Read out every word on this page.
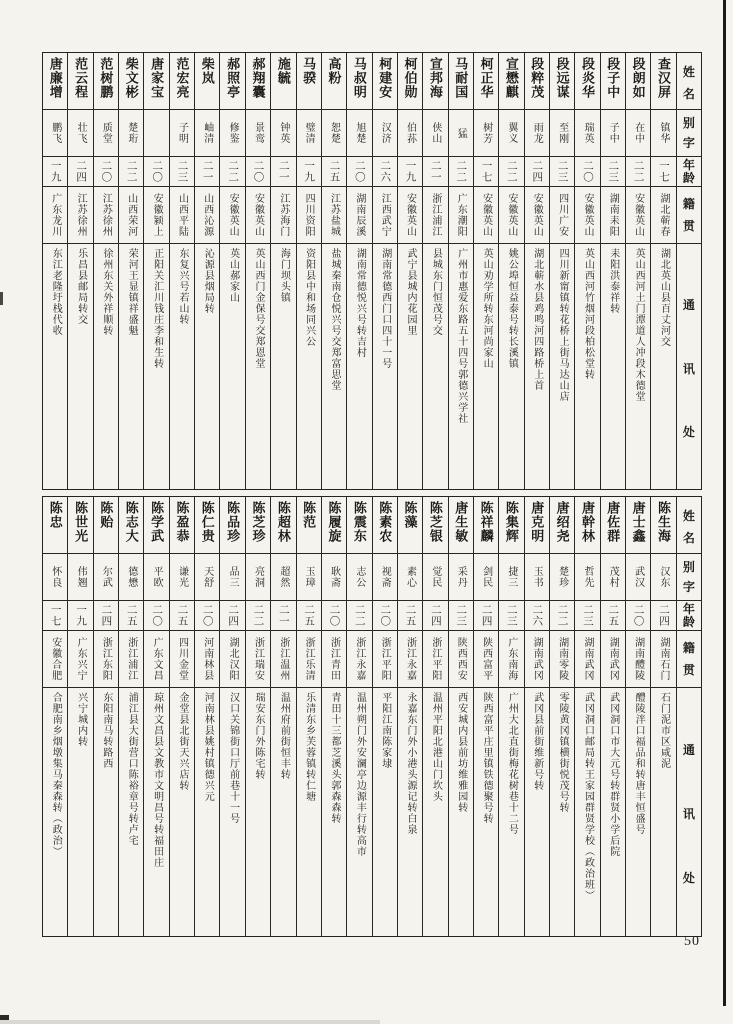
姓
名
别
字
年
龄
籍
贯
通
讯
处
查汉屏
镇华
一七
湖北蕲春
湖北英山县百丈河交
段朗如
在中
二二
安徽英山
英山西河土门潭道人冲段木德堂
段子中
子中
二三
湖南耒阳
耒阳洪泰祥转
段炎华
瑞英
二〇
安徽英山
英山西河竹烟河段柏松堂转
段远谋
至刚
二三
四川广安
四川新甯镇转花桥上街马达山店
段粹茂
雨龙
二四
安徽英山
湖北蕲水县鸡鸣河四路桥上首
宣懋麒
翼义
二二
安徽英山
姚公埠恒益泰号转长溪镇
柯正华
树芳
一七
安徽英山
英山劝学所转东河尚家山
马耐国
猛
二二
广东潮阳
广州市惠爱东路五十四号郭德兴学社
宣邦海
侠山
二一
浙江浦江
县城东门恒茂号交
柯伯勋
伯荪
一九
安徽英山
武宁县城内花园里
柯建安
汉济
二六
江西武宁
湖南常德西门口四十一号
马叔明
旭楚
二〇
湖南辰溪
湖南常德悦兴号转吉村
高粉
恕楚
二五
江苏盐城
盐城秦南仓悦兴号交郑富思堂
马骙
璧清
一九
四川资阳
资阳县中和场同兴公
施毓
钟英
二一
江苏海门
海门坝头镇
郝翔囊
景鸾
二〇
安徽英山
英山西门金保号交郑恩堂
郝照亭
修鉴
二二
安徽英山
英山郝家山
柴岚
岫清
二一
山西沁源
沁源县烟局转
范宏亮
子明
二三
山西平陆
东复兴号若山转
唐家宝
二〇
安徽颍上
正阳关汇川钱庄李和生转
柴文彬
楚珩
二二
山西荣河
荣河王显镇祥盛魁
范树鹏
质堂
二〇
江苏徐州
徐州东关外祥顺转
范云程
壮飞
二四
江苏徐州
乐昌县邮局转交
唐廉增
鹏飞
一九
广东龙川
东江老隆圩栈代收
姓
名
别
字
年
龄
籍
贯
通
讯
处
陈生海
汉东
二四
湖南石门
石门泥市区咸泥
唐士鑫
武汉
二〇
湖南醴陵
醴陵泮口福品和转唐丰恒盛号
唐佐群
茂村
二五
湖南武冈
武冈洞口市大元号转群贤小学后院
唐幹林
哲先
二三
湖南武冈
武冈洞口邮局转王家园群贤学校（政治班）
唐绍尧
楚珍
二二
湖南零陵
零陵黄冈镇横街悦茂号转
唐克明
玉书
二六
湖南武冈
武冈县前街维新号转
陈集辉
捷三
二三
广东南海
广州大北直街梅花树巷十二号
陈祥麟
剑民
二四
陕西富平
陕西富平庄里镇铁德聚号转
唐生敏
采丹
二三
陕西西安
西安城内县前坊维雅园转
陈芝银
觉民
二四
浙江平阳
温州平阳北港山门坎头
陈藻
素心
二五
浙江永嘉
永嘉东门外小港头源记转白泉
陈素农
视斋
二〇
浙江平阳
平阳江南陈家埭
陈震东
志公
二二
浙江永嘉
温州朔门外安澜亭边源丰行转高市
陈履旋
耿斋
二〇
浙江青田
青田十三都芝溪头郭森森转
陈范
玉璋
二五
浙江乐清
乐清东乡芙蓉镇转仁塘
陈超林
超然
二一
浙江温州
温州府前街恒丰转
陈芝珍
亮洞
二二
浙江瑞安
瑞安东门外陈宅转
陈品珍
品三
二四
湖北汉阳
汉口关锦街口厅前巷十一号
陈仁贵
天舒
二〇
河南林县
河南林县姚村镇德兴元
陈盈恭
谦光
二五
四川金堂
金堂县北街天兴店转
陈学武
平欧
二〇
广东文昌
琼州文昌县文教市文明昌号转福田庄
陈志大
德懋
二五
浙江浦江
浦江县大街营口陈裕章号转卢宅
陈贻
尔武
二四
浙江东阳
东阳南马转路西
陈世光
伟翘
一九
广东兴宁
兴宁城内转
陈忠
怀良
一七
安徽合肥
合肥南乡烟墩集马秦森转（政治）
50
